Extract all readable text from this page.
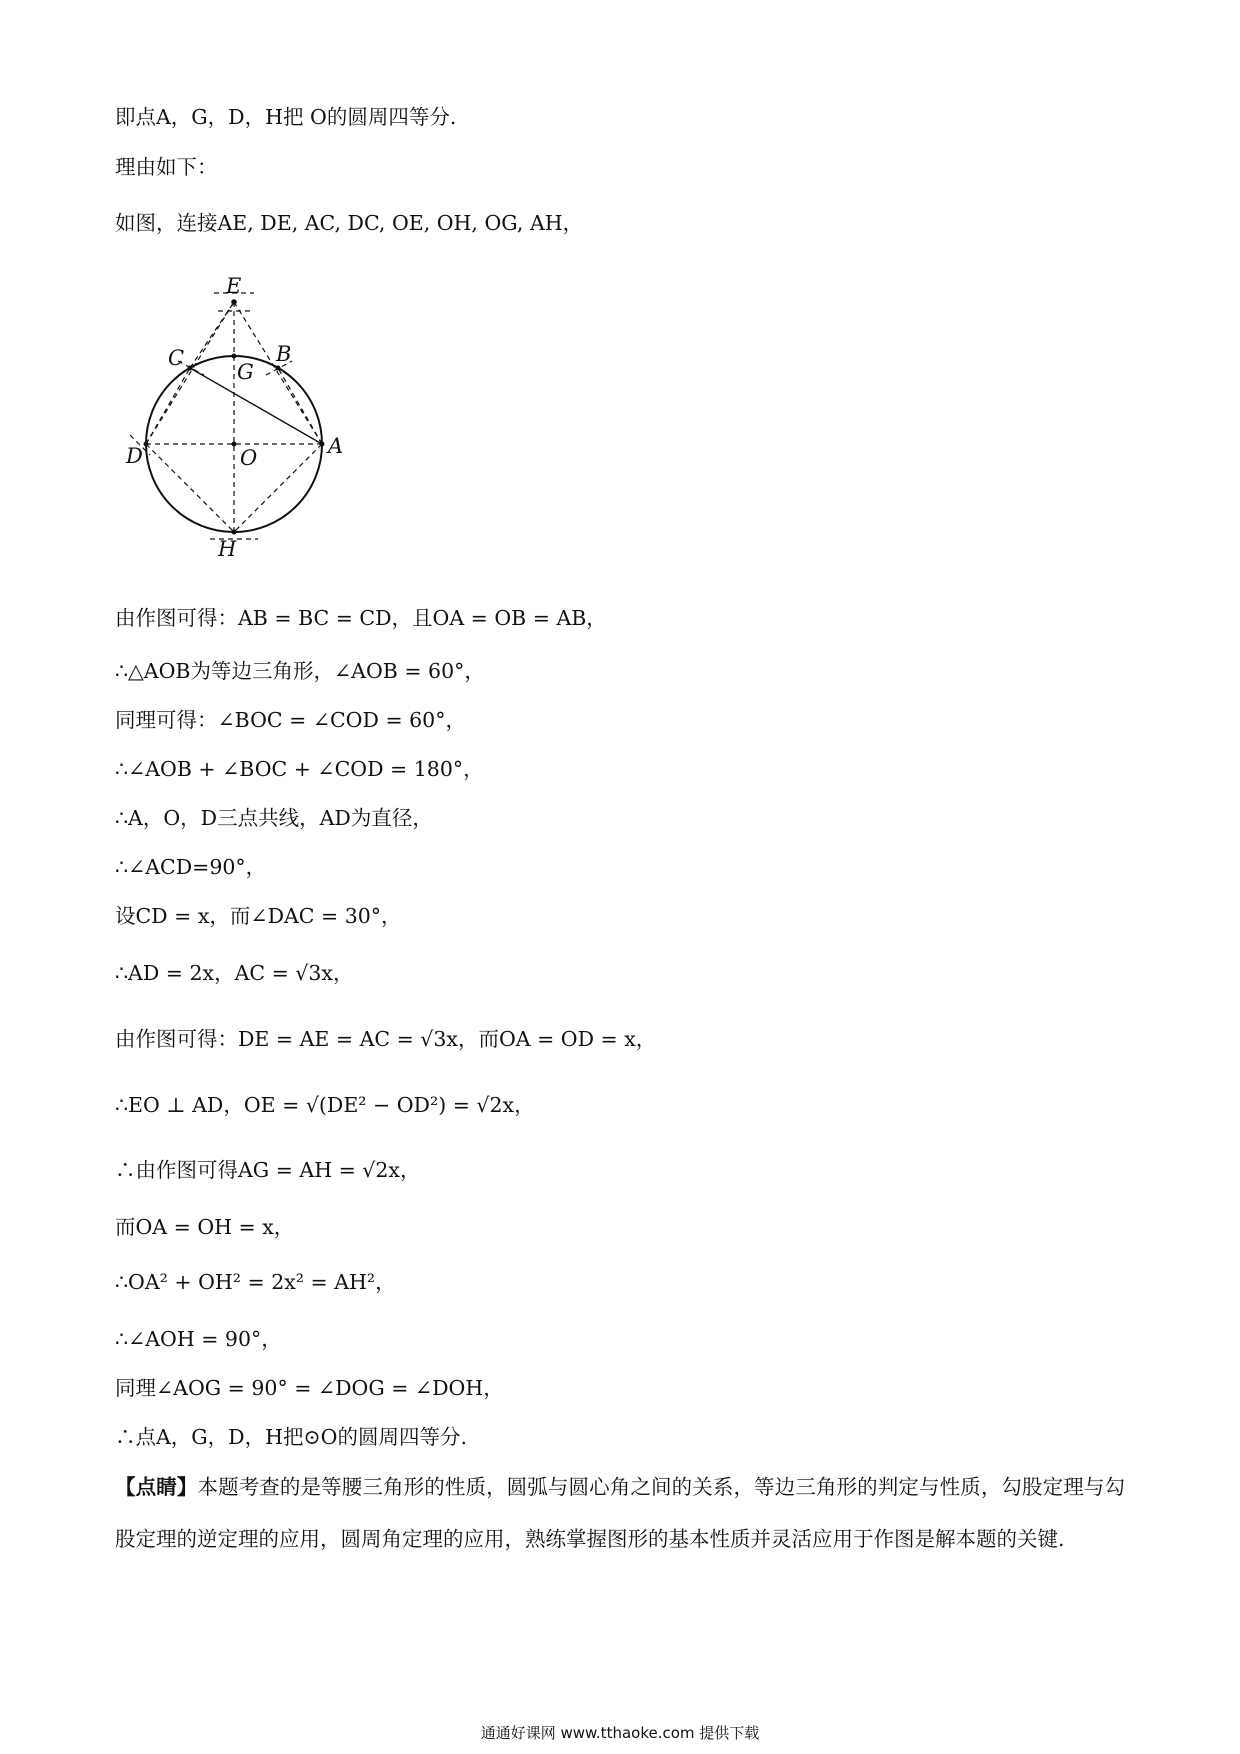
即点A，G，D，H把 O的圆周四等分.
理由如下：
如图，连接AE, DE, AC, DC, OE, OH, OG, AH，
E
C
G
B
D	O	A
H
由作图可得：AB = BC = CD，且OA = OB = AB，
∴△AOB为等边三角形，∠AOB = 60°，
同理可得：∠BOC = ∠COD = 60°，
∴∠AOB + ∠BOC + ∠COD = 180°，
∴A，O，D三点共线，AD为直径，
∴∠ACD=90°，
设CD = x，而∠DAC = 30°，
∴AD = 2x，AC = √3x，
由作图可得：DE = AE = AC = √3x，而OA = OD = x，
∴EO ⊥ AD，OE = √(DE² − OD²) = √2x，
∴由作图可得AG = AH = √2x，
而OA = OH = x，
∴OA² + OH² = 2x² = AH²，
∴∠AOH = 90°，
同理∠AOG = 90° = ∠DOG = ∠DOH，
∴点A，G，D，H把⊙O的圆周四等分.
【点睛】本题考查的是等腰三角形的性质，圆弧与圆心角之间的关系，等边三角形的判定与性质，勾股定理与勾股定理的逆定理的应用，圆周角定理的应用，熟练掌握图形的基本性质并灵活应用于作图是解本题的关键.
通通好课网 www.tthaoke.com 提供下载
